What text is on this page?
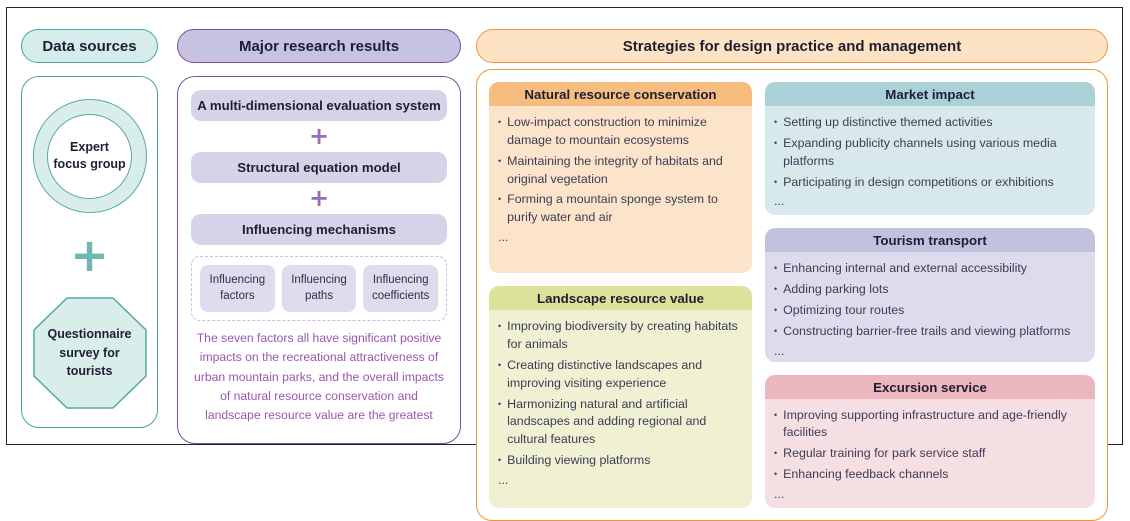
Data sources
Expert focus group
+
Questionnaire survey for tourists
Major research results
A multi-dimensional evaluation system
+
Structural equation model
+
Influencing mechanisms
Influencing factors
Influencing paths
Influencing coefficients
The seven factors all have significant positive impacts on the recreational attractiveness of urban mountain parks, and the overall impacts of natural resource conservation and landscape resource value are the greatest
Strategies for design practice and management
Natural resource conservation
• Low-impact construction to minimize damage to mountain ecosystems
• Maintaining the integrity of habitats and original vegetation
• Forming a mountain sponge system to purify water and air
...
Landscape resource value
• Improving biodiversity by creating habitats for animals
• Creating distinctive landscapes and improving visiting experience
• Harmonizing natural and artificial landscapes and adding regional and cultural features
• Building viewing platforms
...
Market impact
• Setting up distinctive themed activities
• Expanding publicity channels using various media platforms
• Participating in design competitions or exhibitions
...
Tourism transport
• Enhancing internal and external accessibility
• Adding parking lots
• Optimizing tour routes
• Constructing barrier-free trails and viewing platforms
...
Excursion service
• Improving supporting infrastructure and age-friendly facilities
• Regular training for park service staff
• Enhancing feedback channels
...
